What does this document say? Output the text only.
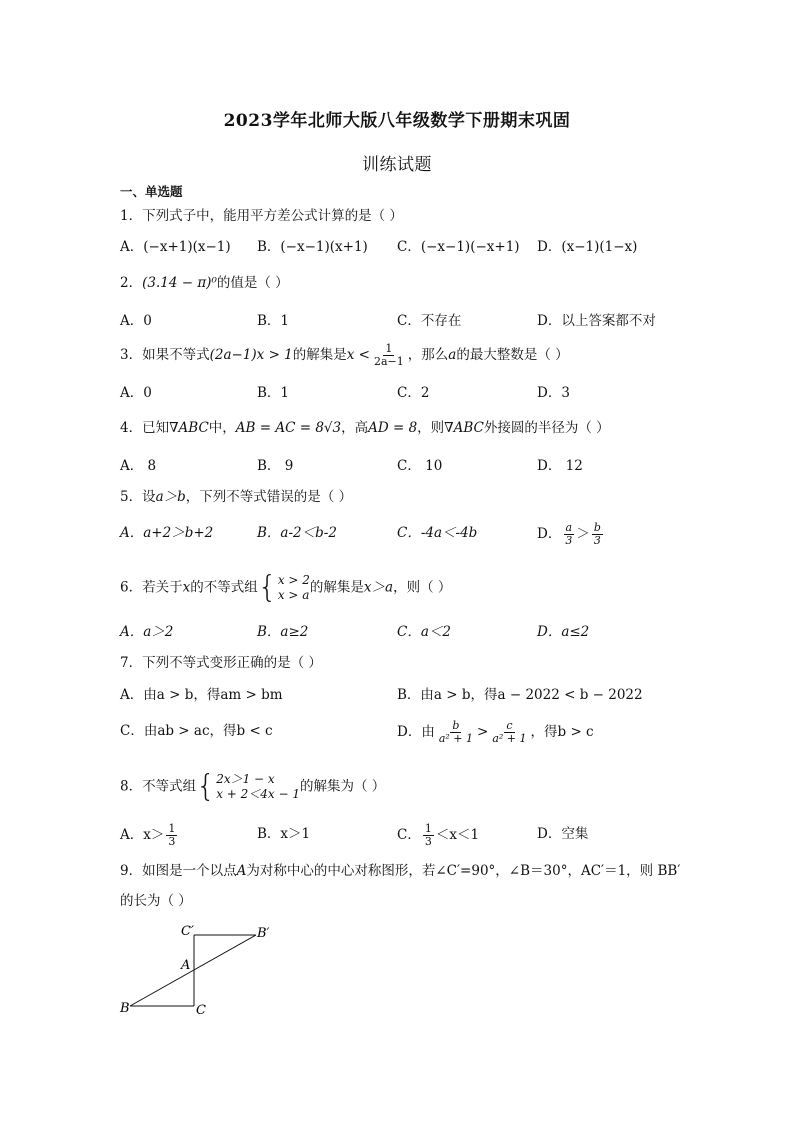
2023学年北师大版八年级数学下册期末巩固
训练试题
一、单选题
1．下列式子中，能用平方差公式计算的是（ ）
A．(−x+1)(x−1) B．(−x−1)(x+1) C．(−x−1)(−x+1) D．(x−1)(1−x)
2．(3.14 − π)⁰的值是（ ）
A．0	B．1	C．不存在	D．以上答案都不对
3．如果不等式(2a−1)x > 1的解集是$x < \frac{1}{2a-1}$ ，那么a的最大整数是（ ）
A．0	B．1	C．2	D．3
4．已知∇ABC中，AB = AC = 8√3，高AD = 8，则∇ABC外接圆的半径为（ ）
A． 8	B． 9	C． 10	D． 12
5．设a＞b，下列不等式错误的是（ ）
A．a+2＞b+2	B．a-2＜b-2	C．-4a＜-4b	D． $\frac{a}{3} > \frac{b}{3}$
6．若关于x的不等式组 { x > 2
x > a 的解集是x＞a，则（ ）
A．a＞2	B．a≥2	C．a＜2	D．a≤2
7．下列不等式变形正确的是（ ）
A．由a > b，得am > bm	B．由a > b，得a − 2022 < b − 2022
C．由ab > ac，得b < c	D．由 $\frac{b}{\text{a² + 1}} > \frac{c}{\text{a² + 1}}$ ，得b > c
8．不等式组 { 2x＞1 − x
x + 2＜4x − 1 的解集为（ ）
A．$x> \frac{1}{3}$	B．x＞1	C． $\frac{1}{3} <x<1$	D．空集
9．如图是一个以点A为对称中心的中心对称图形，若∠C′=90°，∠B＝30°，AC′＝1，则 BB′
的长为（ ）
C′	B′
A
B	C
